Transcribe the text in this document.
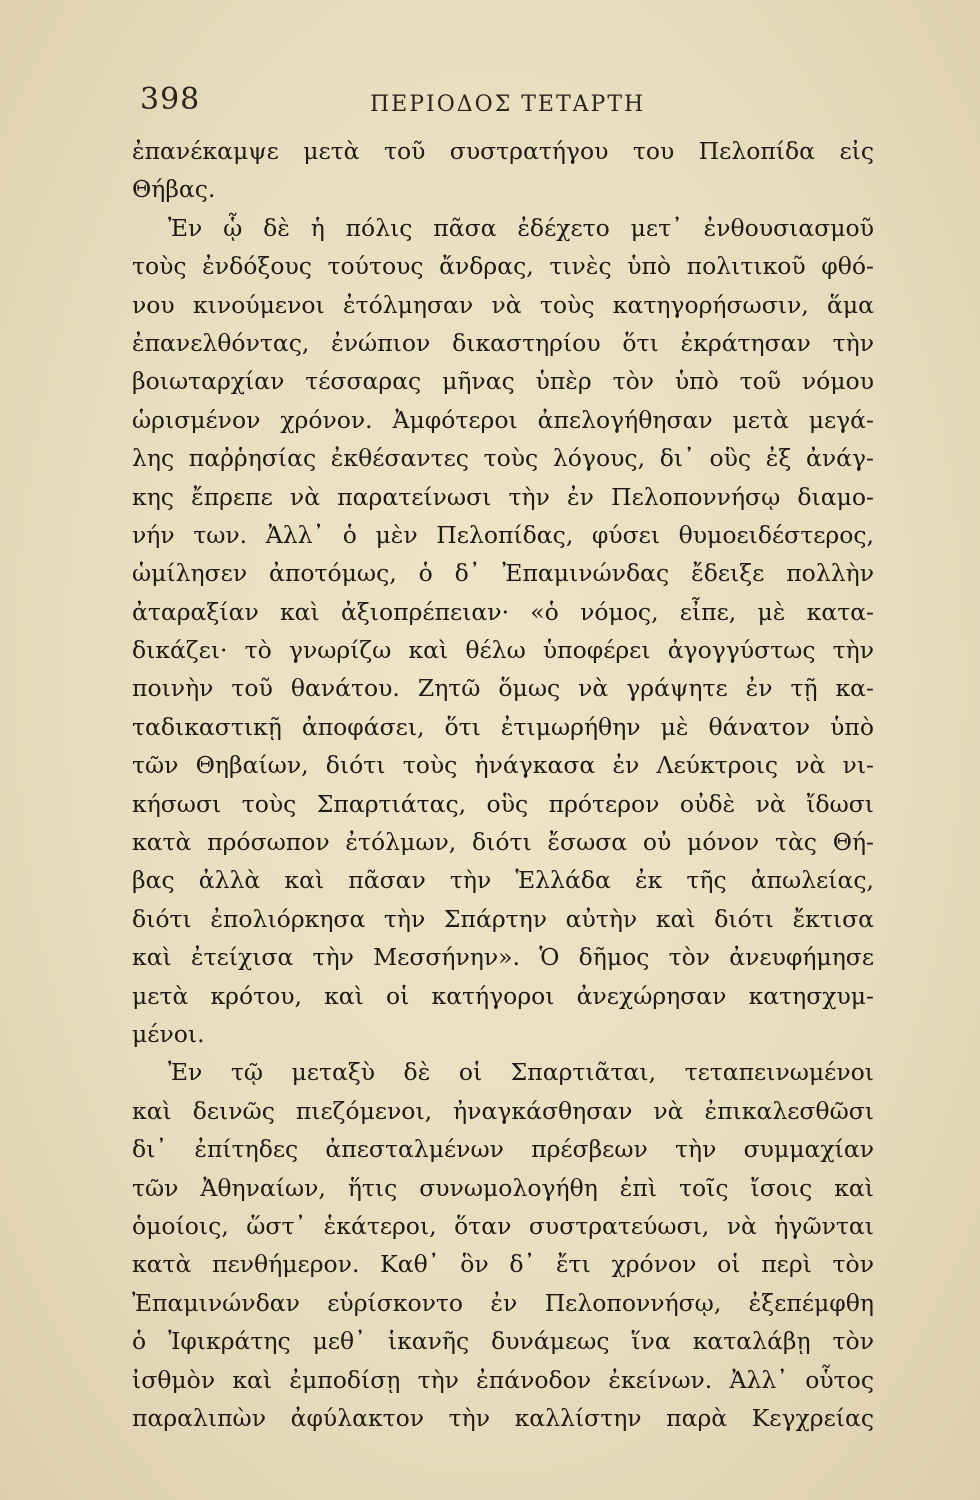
398	ΠΕΡΙΟΔΟΣ ΤΕΤΑΡΤΗ
ἐπανέκαμψε μετὰ τοῦ συστρατήγου του Πελοπίδα εἰς
Θήβας.
Ἐν ᾧ δὲ ἡ πόλις πᾶσα ἐδέχετο μετ᾽ ἐνθουσιασμοῦ
τοὺς ἐνδόξους τούτους ἄνδρας, τινὲς ὑπὸ πολιτικοῦ φθό-
νου κινούμενοι ἐτόλμησαν νὰ τοὺς κατηγορήσωσιν, ἅμα
ἐπανελθόντας, ἐνώπιον δικαστηρίου ὅτι ἐκράτησαν τὴν
βοιωταρχίαν τέσσαρας μῆνας ὑπὲρ τὸν ὑπὸ τοῦ νόμου
ὡρισμένον χρόνον. Ἀμφότεροι ἀπελογήθησαν μετὰ μεγά-
λης παῤῥησίας ἐκθέσαντες τοὺς λόγους, δι᾽ οὓς ἐξ ἀνάγ-
κης ἔπρεπε νὰ παρατείνωσι τὴν ἐν Πελοποννήσῳ διαμο-
νήν των. Ἀλλ᾽ ὁ μὲν Πελοπίδας, φύσει θυμοειδέστερος,
ὡμίλησεν ἀποτόμως, ὁ δ᾽ Ἐπαμινώνδας ἔδειξε πολλὴν
ἀταραξίαν καὶ ἀξιοπρέπειαν· «ὁ νόμος, εἶπε, μὲ κατα-
δικάζει· τὸ γνωρίζω καὶ θέλω ὑποφέρει ἀγογγύστως τὴν
ποινὴν τοῦ θανάτου. Ζητῶ ὅμως νὰ γράψητε ἐν τῇ κα-
ταδικαστικῇ ἀποφάσει, ὅτι ἐτιμωρήθην μὲ θάνατον ὑπὸ
τῶν Θηβαίων, διότι τοὺς ἠνάγκασα ἐν Λεύκτροις νὰ νι-
κήσωσι τοὺς Σπαρτιάτας, οὓς πρότερον οὐδὲ νὰ ἴδωσι
κατὰ πρόσωπον ἐτόλμων, διότι ἔσωσα οὐ μόνον τὰς Θή-
βας ἀλλὰ καὶ πᾶσαν τὴν Ἑλλάδα ἐκ τῆς ἀπωλείας,
διότι ἐπολιόρκησα τὴν Σπάρτην αὐτὴν καὶ διότι ἔκτισα
καὶ ἐτείχισα τὴν Μεσσήνην». Ὁ δῆμος τὸν ἀνευφήμησε
μετὰ κρότου, καὶ οἱ κατήγοροι ἀνεχώρησαν κατησχυμ-
μένοι.
Ἐν τῷ μεταξὺ δὲ οἱ Σπαρτιᾶται, τεταπεινωμένοι
καὶ δεινῶς πιεζόμενοι, ἠναγκάσθησαν νὰ ἐπικαλεσθῶσι
δι᾽ ἐπίτηδες ἀπεσταλμένων πρέσβεων τὴν συμμαχίαν
τῶν Ἀθηναίων, ἥτις συνωμολογήθη ἐπὶ τοῖς ἴσοις καὶ
ὁμοίοις, ὥστ᾽ ἑκάτεροι, ὅταν συστρατεύωσι, νὰ ἡγῶνται
κατὰ πενθήμερον. Καθ᾽ ὃν δ᾽ ἔτι χρόνον οἱ περὶ τὸν
Ἐπαμινώνδαν εὑρίσκοντο ἐν Πελοποννήσῳ, ἐξεπέμφθη
ὁ Ἰφικράτης μεθ᾽ ἱκανῆς δυνάμεως ἵνα καταλάβῃ τὸν
ἰσθμὸν καὶ ἐμποδίσῃ τὴν ἐπάνοδον ἐκείνων. Ἀλλ᾽ οὗτος
παραλιπὼν ἀφύλακτον τὴν καλλίστην παρὰ Κεγχρείας
